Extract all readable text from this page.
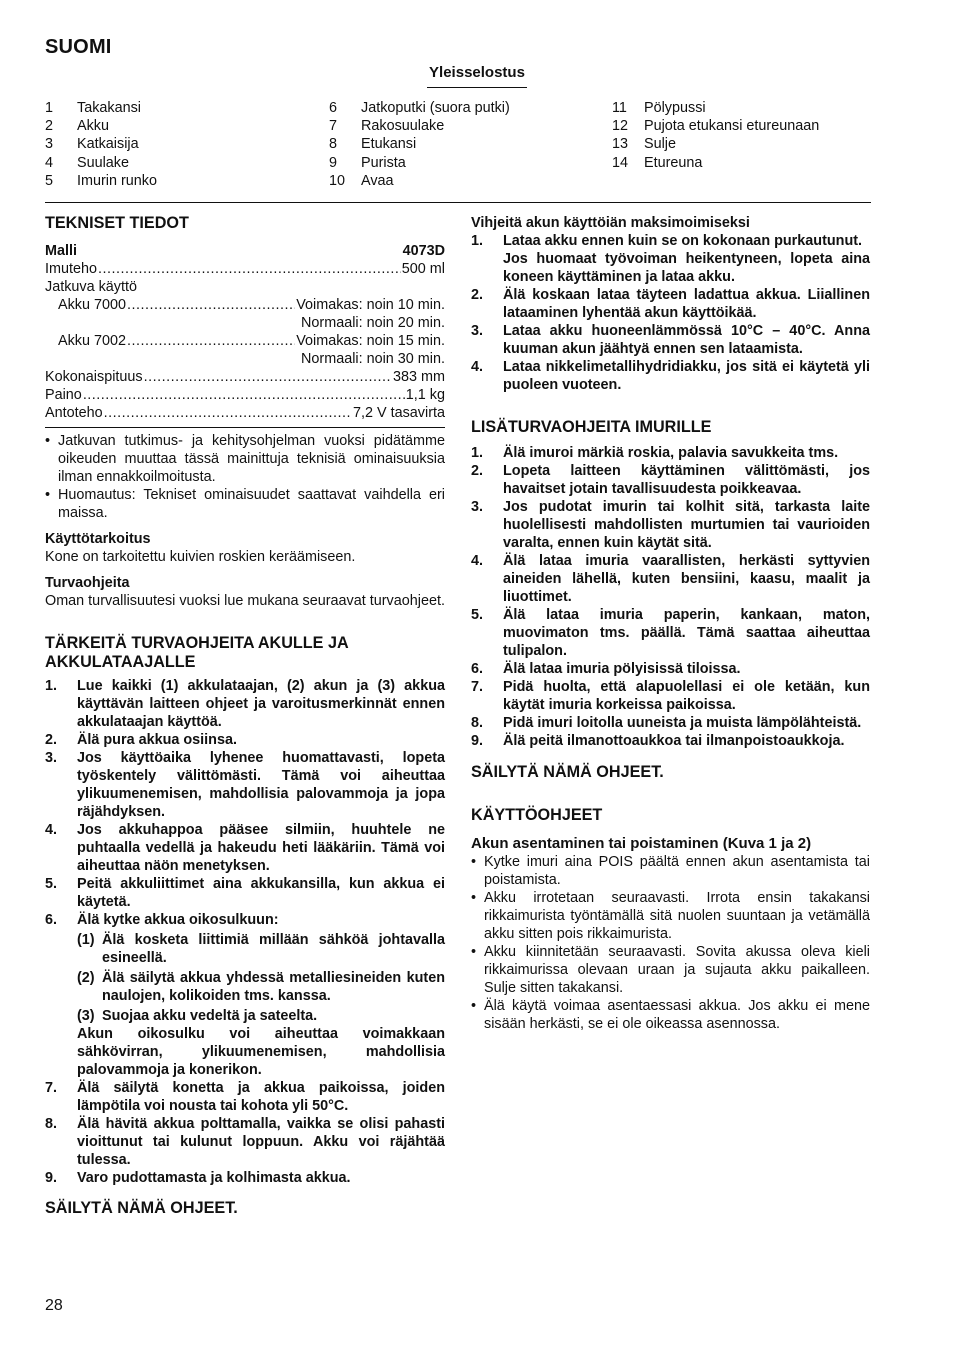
SUOMI
Yleisselostus
1	Takakansi
2	Akku
3	Katkaisija
4	Suulake
5	Imurin runko
6	Jatkoputki (suora putki)
7	Rakosuulake
8	Etukansi
9	Purista
10	Avaa
11	Pölypussi
12	Pujota etukansi etureunaan
13	Sulje
14	Etureuna
TEKNISET TIEDOT
Malli	4073D
Imuteho .....	500 ml
Jatkuva käyttö
Akku 7000 .....	Voimakas: noin 10 min.
Normaali: noin 20 min.
Akku 7002 .....	Voimakas: noin 15 min.
Normaali: noin 30 min.
Kokonaispituus .....	383 mm
Paino .....	1,1 kg
Antoteho .....	7,2 V tasavirta
• Jatkuvan tutkimus- ja kehitysohjelman vuoksi pidätämme oikeuden muuttaa tässä mainittuja teknisiä ominaisuuksia ilman ennakkoilmoitusta.
• Huomautus: Tekniset ominaisuudet saattavat vaihdella eri maissa.
Käyttötarkoitus

Kone on tarkoitettu kuivien roskien keräämiseen.

Turvaohjeita

Oman turvallisuutesi vuoksi lue mukana seuraavat turvaohjeet.

TÄRKEITÄ TURVAOHJEITA AKULLE JA
AKKULATAAJALLE
1.	Lue kaikki (1) akkulataajan, (2) akun ja (3) akkua käyttävän laitteen ohjeet ja varoitusmerkinnät ennen akkulataajan käyttöä.
2.	Älä pura akkua osiinsa.
3.	Jos käyttöaika lyhenee huomattavasti, lopeta työskentely välittömästi. Tämä voi aiheuttaa ylikuumenemisen, mahdollisia palovammoja ja jopa räjähdyksen.
4.	Jos akkuhappoa pääsee silmiin, huuhtele ne puhtaalla vedellä ja hakeudu heti lääkäriin. Tämä voi aiheuttaa näön menetyksen.
5.	Peitä akkuliittimet aina akkukansilla, kun akkua ei käytetä.
6.	Älä kytke akkua oikosulkuun:
(1) Älä kosketa liittimiä millään sähköä johtavalla esineellä.
(2) Älä säilytä akkua yhdessä metalliesineiden kuten naulojen, kolikoiden tms. kanssa.
(3) Suojaa akku vedeltä ja sateelta.
Akun oikosulku voi aiheuttaa voimakkaan sähkövirran, ylikuumenemisen, mahdollisia palovammoja ja konerikon.
7.	Älä säilytä konetta ja akkua paikoissa, joiden lämpötila voi nousta tai kohota yli 50°C.
8.	Älä hävitä akkua polttamalla, vaikka se olisi pahasti vioittunut tai kulunut loppuun. Akku voi räjähtää tulessa.
9.	Varo pudottamasta ja kolhimasta akkua.
SÄILYTÄ NÄMÄ OHJEET.
Vihjeitä akun käyttöiän maksimoimiseksi
1.	Lataa akku ennen kuin se on kokonaan purkautunut.
Jos huomaat työvoiman heikentyneen, lopeta aina koneen käyttäminen ja lataa akku.
2.	Älä koskaan lataa täyteen ladattua akkua. Liiallinen lataaminen lyhentää akun käyttöikää.
3.	Lataa akku huoneenlämmössä 10°C – 40°C. Anna kuuman akun jäähtyä ennen sen lataamista.
4.	Lataa nikkelimetallihydridiakku, jos sitä ei käytetä yli puoleen vuoteen.
LISÄTURVAOHJEITA IMURILLE
1.	Älä imuroi märkiä roskia, palavia savukkeita tms.
2.	Lopeta laitteen käyttäminen välittömästi, jos havaitset jotain tavallisuudesta poikkeavaa.
3.	Jos pudotat imurin tai kolhit sitä, tarkasta laite huolellisesti mahdollisten murtumien tai vaurioiden varalta, ennen kuin käytät sitä.
4.	Älä lataa imuria vaarallisten, herkästi syttyvien aineiden lähellä, kuten bensiini, kaasu, maalit ja liuottimet.
5.	Älä lataa imuria paperin, kankaan, maton, muovimaton tms. päällä. Tämä saattaa aiheuttaa tulipalon.
6.	Älä lataa imuria pölyisissä tiloissa.
7.	Pidä huolta, että alapuolellasi ei ole ketään, kun käytät imuria korkeissa paikoissa.
8.	Pidä imuri loitolla uuneista ja muista lämpölähteistä.
9.	Älä peitä ilmanottoaukkoa tai ilmanpoistoaukkoja.
SÄILYTÄ NÄMÄ OHJEET.
KÄYTTÖOHJEET
Akun asentaminen tai poistaminen (Kuva 1 ja 2)
• Kytke imuri aina POIS päältä ennen akun asentamista tai poistamista.
• Akku irrotetaan seuraavasti. Irrota ensin takakansi rikkaimurista työntämällä sitä nuolen suuntaan ja vetämällä akku sitten pois rikkaimurista.
• Akku kiinnitetään seuraavasti. Sovita akussa oleva kieli rikkaimurissa olevaan uraan ja sujauta akku paikalleen. Sulje sitten takakansi.
• Älä käytä voimaa asentaessasi akkua. Jos akku ei mene sisään herkästi, se ei ole oikeassa asennossa.
28
